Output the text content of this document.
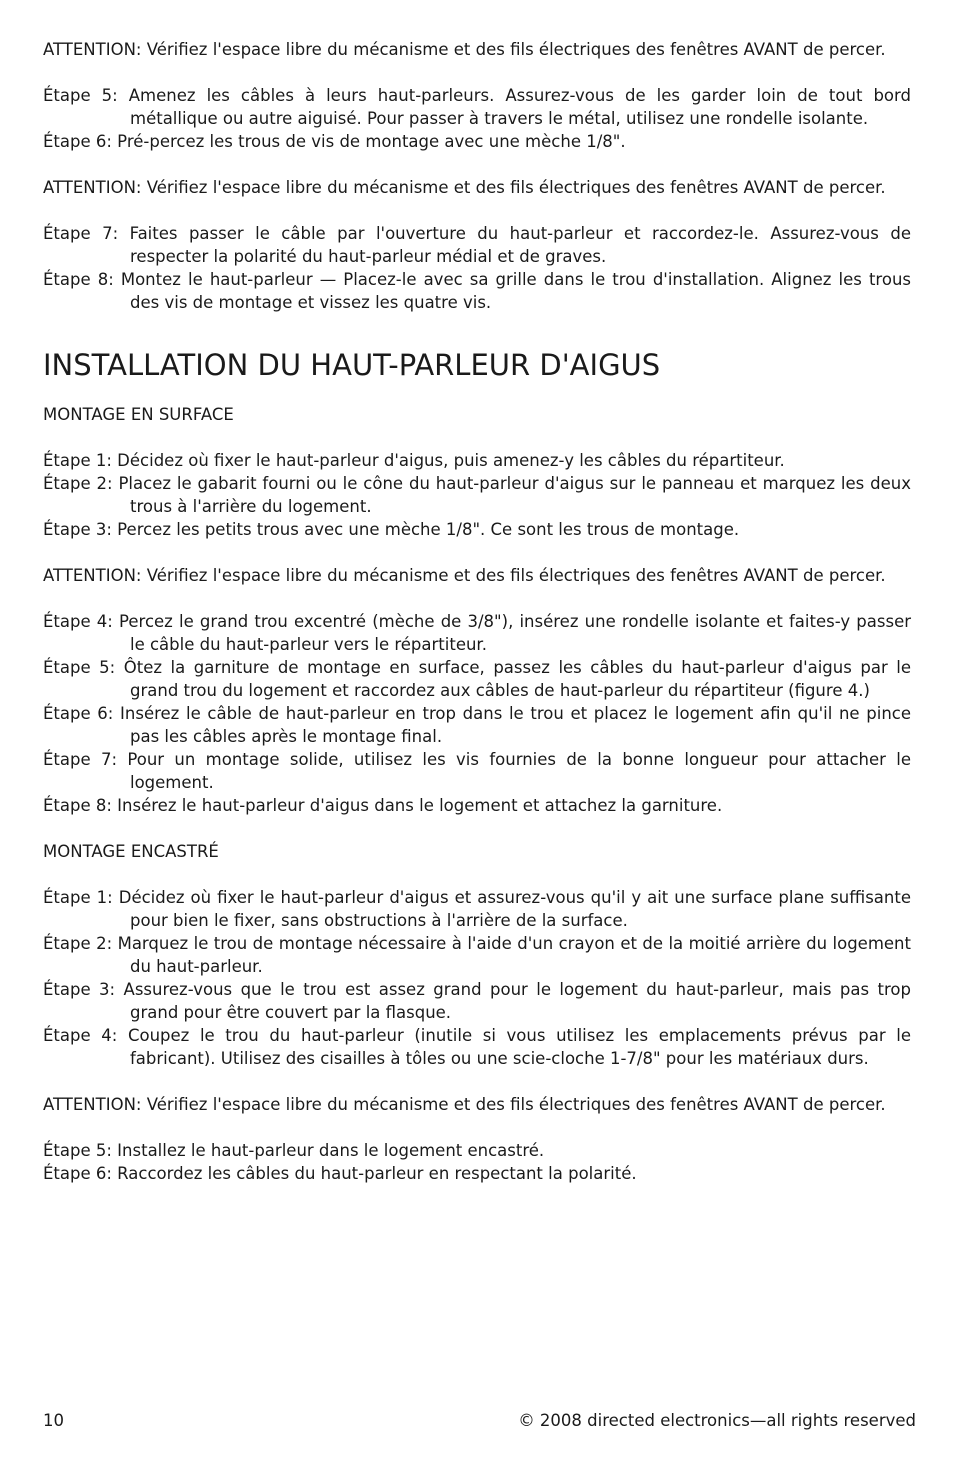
ATTENTION: Vérifiez l'espace libre du mécanisme et des fils électriques des fenêtres AVANT de percer.

Étape 5: Amenez les câbles à leurs haut-parleurs. Assurez-vous de les garder loin de tout bord métallique ou autre aiguisé. Pour passer à travers le métal, utilisez une rondelle isolante.

Étape 6: Pré-percez les trous de vis de montage avec une mèche 1/8".

ATTENTION: Vérifiez l'espace libre du mécanisme et des fils électriques des fenêtres AVANT de percer.

Étape 7: Faites passer le câble par l'ouverture du haut-parleur et raccordez-le. Assurez-vous de respecter la polarité du haut-parleur médial et de graves.

Étape 8: Montez le haut-parleur — Placez-le avec sa grille dans le trou d'installation. Alignez les trous des vis de montage et vissez les quatre vis.

INSTALLATION DU HAUT-PARLEUR D'AIGUS

MONTAGE EN SURFACE

Étape 1: Décidez où fixer le haut-parleur d'aigus, puis amenez-y les câbles du répartiteur.

Étape 2: Placez le gabarit fourni ou le cône du haut-parleur d'aigus sur le panneau et marquez les deux trous à l'arrière du logement.

Étape 3: Percez les petits trous avec une mèche 1/8". Ce sont les trous de montage.

ATTENTION: Vérifiez l'espace libre du mécanisme et des fils électriques des fenêtres AVANT de percer.

Étape 4: Percez le grand trou excentré (mèche de 3/8"), insérez une rondelle isolante et faites-y passer le câble du haut-parleur vers le répartiteur.

Étape 5: Ôtez la garniture de montage en surface, passez les câbles du haut-parleur d'aigus par le grand trou du logement et raccordez aux câbles de haut-parleur du répartiteur (figure 4.)

Étape 6: Insérez le câble de haut-parleur en trop dans le trou et placez le logement afin qu'il ne pince pas les câbles après le montage final.

Étape 7: Pour un montage solide, utilisez les vis fournies de la bonne longueur pour attacher le logement.

Étape 8: Insérez le haut-parleur d'aigus dans le logement et attachez la garniture.

MONTAGE ENCASTRÉ

Étape 1: Décidez où fixer le haut-parleur d'aigus et assurez-vous qu'il y ait une surface plane suffisante pour bien le fixer, sans obstructions à l'arrière de la surface.

Étape 2: Marquez le trou de montage nécessaire à l'aide d'un crayon et de la moitié arrière du logement du haut-parleur.

Étape 3: Assurez-vous que le trou est assez grand pour le logement du haut-parleur, mais pas trop grand pour être couvert par la flasque.

Étape 4: Coupez le trou du haut-parleur (inutile si vous utilisez les emplacements prévus par le fabricant). Utilisez des cisailles à tôles ou une scie-cloche 1-7/8" pour les matériaux durs.

ATTENTION: Vérifiez l'espace libre du mécanisme et des fils électriques des fenêtres AVANT de percer.

Étape 5: Installez le haut-parleur dans le logement encastré.

Étape 6: Raccordez les câbles du haut-parleur en respectant la polarité.

10	© 2008 directed electronics—all rights reserved
